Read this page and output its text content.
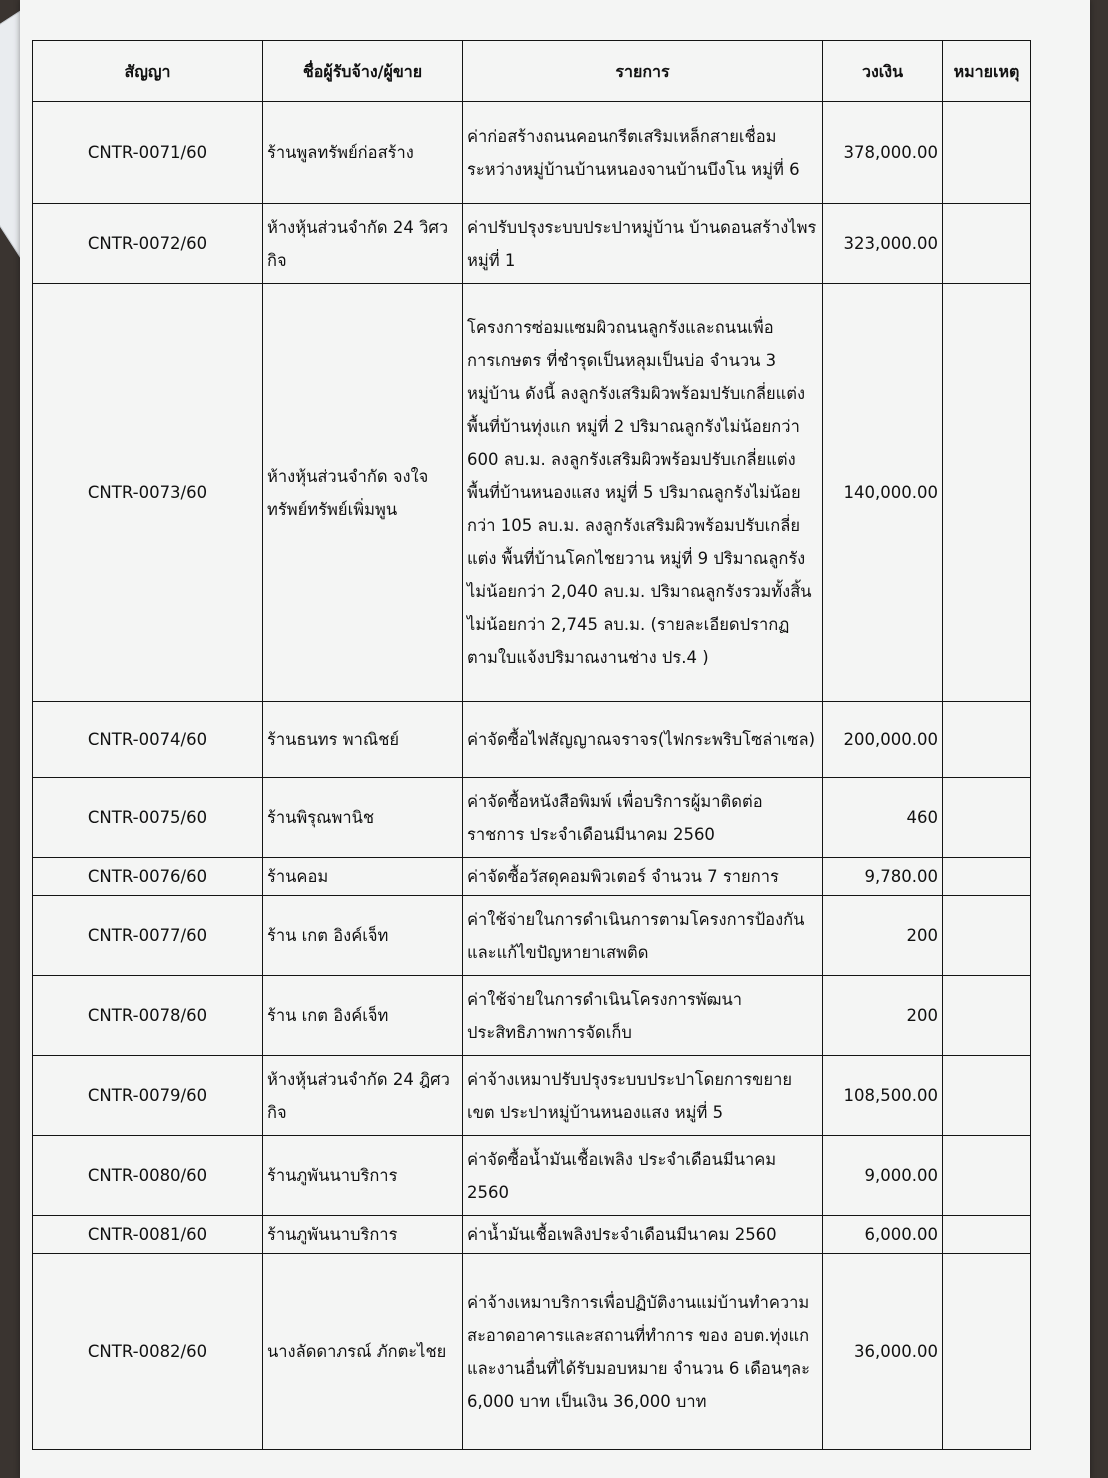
สัญญา	ชื่อผู้รับจ้าง/ผู้ขาย	รายการ	วงเงิน	หมายเหตุ
CNTR-0071/60	ร้านพูลทรัพย์ก่อสร้าง	ค่าก่อสร้างถนนคอนกรีตเสริมเหล็กสายเชื่อมระหว่างหมู่บ้านบ้านหนองจานบ้านบึงโน หมู่ที่ 6	378,000.00	
CNTR-0072/60	ห้างหุ้นส่วนจำกัด 24 วิศวกิจ	ค่าปรับปรุงระบบประปาหมู่บ้าน บ้านดอนสร้างไพร หมู่ที่ 1	323,000.00	
CNTR-0073/60	ห้างหุ้นส่วนจำกัด จงใจทรัพย์ทรัพย์เพิ่มพูน	โครงการซ่อมแซมผิวถนนลูกรังและถนนเพื่อการเกษตร ที่ชำรุดเป็นหลุมเป็นบ่อ จำนวน 3 หมู่บ้าน ดังนี้ ลงลูกรังเสริมผิวพร้อมปรับเกลี่ยแต่ง พื้นที่บ้านทุ่งแก หมู่ที่ 2 ปริมาณลูกรังไม่น้อยกว่า 600 ลบ.ม. ลงลูกรังเสริมผิวพร้อมปรับเกลี่ยแต่ง พื้นที่บ้านหนองแสง หมู่ที่ 5 ปริมาณลูกรังไม่น้อยกว่า 105 ลบ.ม. ลงลูกรังเสริมผิวพร้อมปรับเกลี่ยแต่ง พื้นที่บ้านโคกไชยวาน หมู่ที่ 9 ปริมาณลูกรังไม่น้อยกว่า 2,040 ลบ.ม. ปริมาณลูกรังรวมทั้งสิ้นไม่น้อยกว่า 2,745 ลบ.ม. (รายละเอียดปรากฏตามใบแจ้งปริมาณงานช่าง ปร.4 )	140,000.00	
CNTR-0074/60	ร้านธนทร พาณิชย์	ค่าจัดซื้อไฟสัญญาณจราจร(ไฟกระพริบโซล่าเซล)	200,000.00	
CNTR-0075/60	ร้านพิรุณพานิช	ค่าจัดซื้อหนังสือพิมพ์ เพื่อบริการผู้มาติดต่อราชการ ประจำเดือนมีนาคม 2560	460	
CNTR-0076/60	ร้านคอม	ค่าจัดซื้อวัสดุคอมพิวเตอร์ จำนวน 7 รายการ	9,780.00	
CNTR-0077/60	ร้าน เกต อิงค์เจ็ท	ค่าใช้จ่ายในการดำเนินการตามโครงการป้องกันและแก้ไขปัญหายาเสพติด	200	
CNTR-0078/60	ร้าน เกต อิงค์เจ็ท	ค่าใช้จ่ายในการดำเนินโครงการพัฒนาประสิทธิภาพการจัดเก็บ	200	
CNTR-0079/60	ห้างหุ้นส่วนจำกัด 24 ฎิศวกิจ	ค่าจ้างเหมาปรับปรุงระบบประปาโดยการขยายเขต ประปาหมู่บ้านหนองแสง หมู่ที่ 5	108,500.00	
CNTR-0080/60	ร้านภูพันนาบริการ	ค่าจัดซื้อน้ำมันเชื้อเพลิง ประจำเดือนมีนาคม 2560	9,000.00	
CNTR-0081/60	ร้านภูพันนาบริการ	ค่าน้ำมันเชื้อเพลิงประจำเดือนมีนาคม 2560	6,000.00	
CNTR-0082/60	นางลัดดาภรณ์ ภักตะไชย	ค่าจ้างเหมาบริการเพื่อปฏิบัติงานแม่บ้านทำความสะอาดอาคารและสถานที่ทำการ ของ อบต.ทุ่งแก และงานอื่นที่ได้รับมอบหมาย จำนวน 6 เดือนๆละ 6,000 บาท เป็นเงิน 36,000 บาท	36,000.00	
